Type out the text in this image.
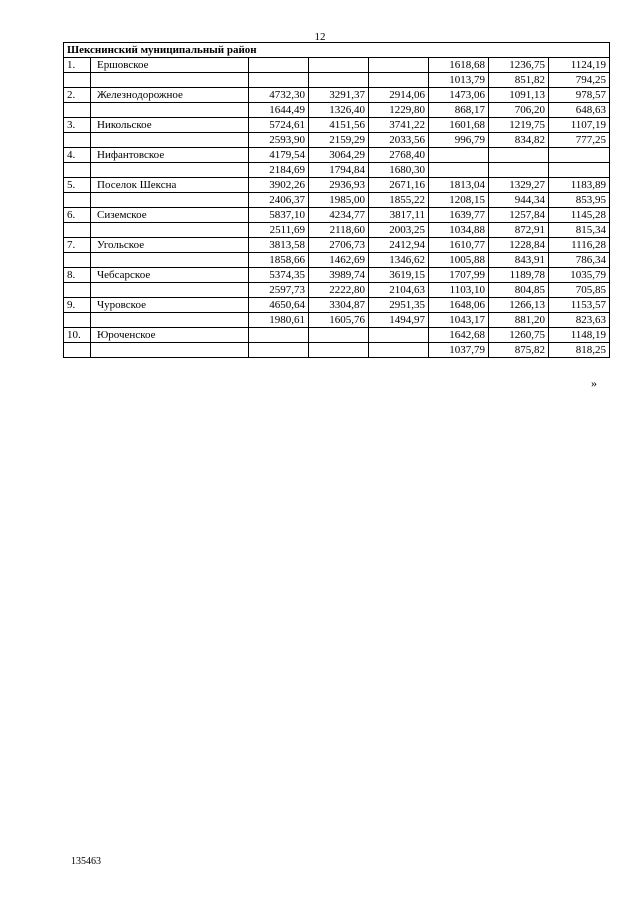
12
Шекснинский муниципальный район							
1.	Ершовское				1618,68	1236,75	1124,19
					1013,79	851,82	794,25
2.	Железнодорожное	4732,30	3291,37	2914,06	1473,06	1091,13	978,57
		1644,49	1326,40	1229,80	868,17	706,20	648,63
3.	Никольское	5724,61	4151,56	3741,22	1601,68	1219,75	1107,19
		2593,90	2159,29	2033,56	996,79	834,82	777,25
4.	Нифантовское	4179,54	3064,29	2768,40			
		2184,69	1794,84	1680,30			
5.	Поселок Шексна	3902,26	2936,93	2671,16	1813,04	1329,27	1183,89
		2406,37	1985,00	1855,22	1208,15	944,34	853,95
6.	Сиземское	5837,10	4234,77	3817,11	1639,77	1257,84	1145,28
		2511,69	2118,60	2003,25	1034,88	872,91	815,34
7.	Угольское	3813,58	2706,73	2412,94	1610,77	1228,84	1116,28
		1858,66	1462,69	1346,62	1005,88	843,91	786,34
8.	Чебсарское	5374,35	3989,74	3619,15	1707,99	1189,78	1035,79
		2597,73	2222,80	2104,63	1103,10	804,85	705,85
9.	Чуровское	4650,64	3304,87	2951,35	1648,06	1266,13	1153,57
		1980,61	1605,76	1494,97	1043,17	881,20	823,63
10.	Юроченское				1642,68	1260,75	1148,19
					1037,79	875,82	818,25
»
135463
